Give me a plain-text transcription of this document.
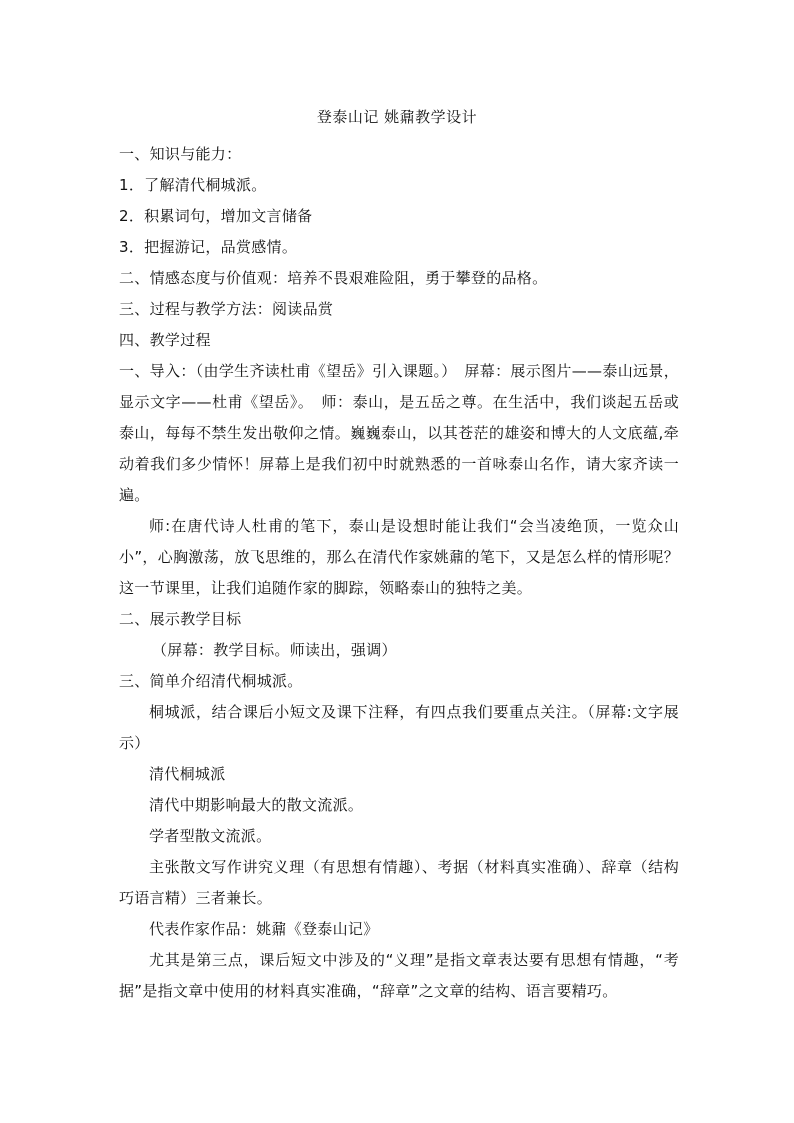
登泰山记 姚鼐教学设计

一、知识与能力：

1．了解清代桐城派。

2．积累词句，增加文言储备

3．把握游记，品赏感情。

二、情感态度与价值观：培养不畏艰难险阻，勇于攀登的品格。

三、过程与教学方法：阅读品赏

四、教学过程

一、导入：（由学生齐读杜甫《望岳》引入课题。）　屏幕：展示图片——泰山远景，显示文字——杜甫《望岳》。　师：泰山，是五岳之尊。在生活中，我们谈起五岳或泰山，每每不禁生发出敬仰之情。巍巍泰山，以其苍茫的雄姿和博大的人文底蕴,牵动着我们多少情怀！屏幕上是我们初中时就熟悉的一首咏泰山名作，请大家齐读一遍。

师:在唐代诗人杜甫的笔下，泰山是设想时能让我们“会当凌绝顶，一览众山小”，心胸激荡，放飞思维的，那么在清代作家姚鼐的笔下，又是怎么样的情形呢？这一节课里，让我们追随作家的脚踪，领略泰山的独特之美。

二、展示教学目标

（屏幕：教学目标。师读出，强调）

三、简单介绍清代桐城派。

桐城派，结合课后小短文及课下注释，有四点我们要重点关注。（屏幕:文字展示）

清代桐城派

清代中期影响最大的散文流派。

学者型散文流派。

主张散文写作讲究义理（有思想有情趣）、考据（材料真实准确）、辞章（结构巧语言精）三者兼长。

代表作家作品：姚鼐《登泰山记》

尤其是第三点，课后短文中涉及的“义理”是指文章表达要有思想有情趣，“考据”是指文章中使用的材料真实准确，“辞章”之文章的结构、语言要精巧。
